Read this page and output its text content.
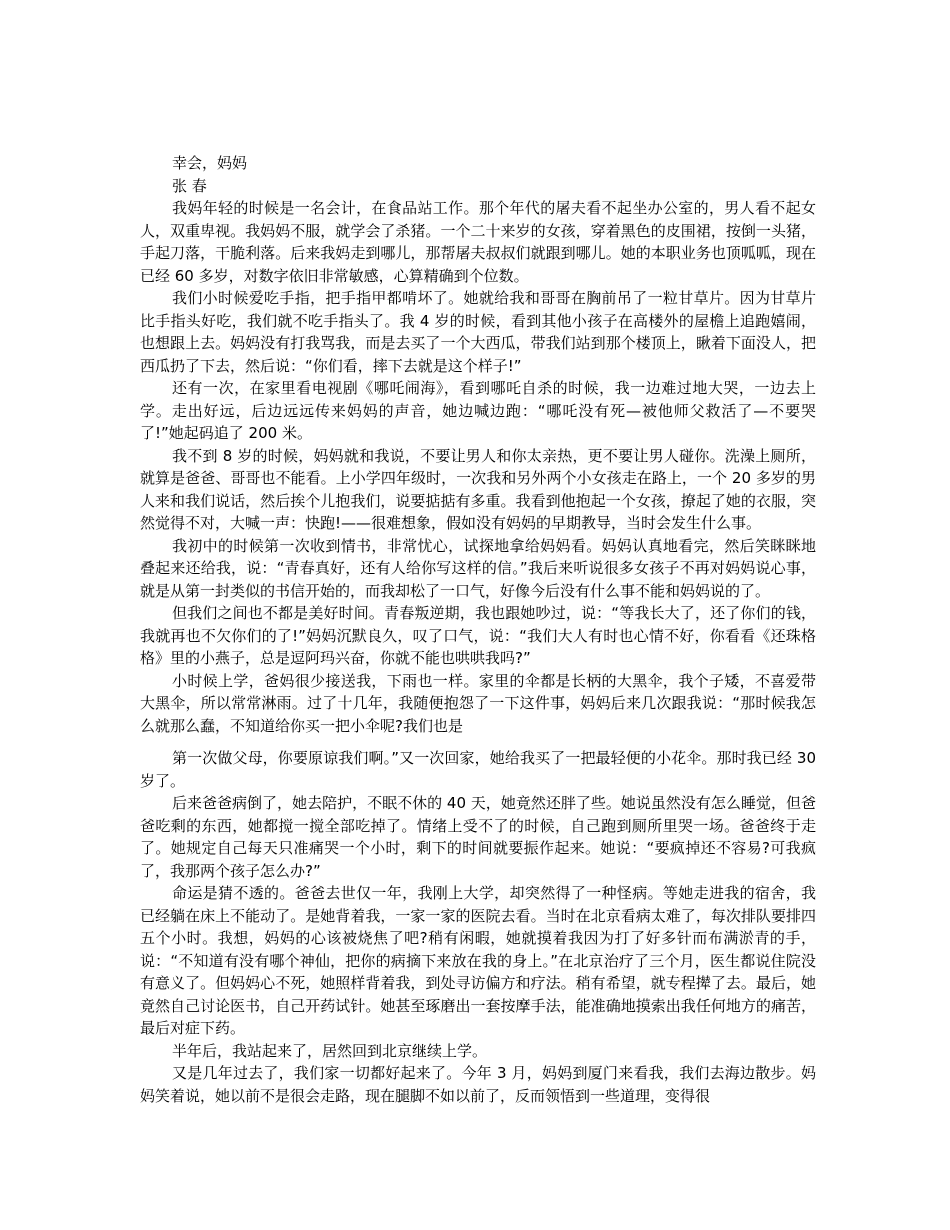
幸会，妈妈

张 春

我妈年轻的时候是一名会计，在食品站工作。那个年代的屠夫看不起坐办公室的，男人看不起女人，双重卑视。我妈妈不服，就学会了杀猪。一个二十来岁的女孩，穿着黑色的皮围裙，按倒一头猪，手起刀落，干脆利落。后来我妈走到哪儿，那帮屠夫叔叔们就跟到哪儿。她的本职业务也顶呱呱，现在已经 60 多岁，对数字依旧非常敏感，心算精确到个位数。

我们小时候爱吃手指，把手指甲都啃坏了。她就给我和哥哥在胸前吊了一粒甘草片。因为甘草片比手指头好吃，我们就不吃手指头了。我 4 岁的时候，看到其他小孩子在高楼外的屋檐上追跑嬉闹，也想跟上去。妈妈没有打我骂我，而是去买了一个大西瓜，带我们站到那个楼顶上，瞅着下面没人，把西瓜扔了下去，然后说：“你们看，摔下去就是这个样子!”

还有一次，在家里看电视剧《哪吒闹海》，看到哪吒自杀的时候，我一边难过地大哭，一边去上学。走出好远，后边远远传来妈妈的声音，她边喊边跑：“哪吒没有死—被他师父救活了—不要哭了!”她起码追了 200 米。

我不到 8 岁的时候，妈妈就和我说，不要让男人和你太亲热，更不要让男人碰你。洗澡上厕所，就算是爸爸、哥哥也不能看。上小学四年级时，一次我和另外两个小女孩走在路上，一个 20 多岁的男人来和我们说话，然后挨个儿抱我们，说要掂掂有多重。我看到他抱起一个女孩，撩起了她的衣服，突然觉得不对，大喊一声：快跑!——很难想象，假如没有妈妈的早期教导，当时会发生什么事。

我初中的时候第一次收到情书，非常忧心，试探地拿给妈妈看。妈妈认真地看完，然后笑眯眯地叠起来还给我，说：“青春真好，还有人给你写这样的信。”我后来听说很多女孩子不再对妈妈说心事，就是从第一封类似的书信开始的，而我却松了一口气，好像今后没有什么事不能和妈妈说的了。

但我们之间也不都是美好时间。青春叛逆期，我也跟她吵过，说：“等我长大了，还了你们的钱，我就再也不欠你们的了!”妈妈沉默良久，叹了口气，说：“我们大人有时也心情不好，你看看《还珠格格》里的小燕子，总是逗阿玛兴奋，你就不能也哄哄我吗?”

小时候上学，爸妈很少接送我，下雨也一样。家里的伞都是长柄的大黑伞，我个子矮，不喜爱带大黑伞，所以常常淋雨。过了十几年，我随便抱怨了一下这件事，妈妈后来几次跟我说：“那时候我怎么就那么蠢，不知道给你买一把小伞呢?我们也是

第一次做父母，你要原谅我们啊。”又一次回家，她给我买了一把最轻便的小花伞。那时我已经 30 岁了。

后来爸爸病倒了，她去陪护，不眠不休的 40 天，她竟然还胖了些。她说虽然没有怎么睡觉，但爸爸吃剩的东西，她都搅一搅全部吃掉了。情绪上受不了的时候，自己跑到厕所里哭一场。爸爸终于走了。她规定自己每天只准痛哭一个小时，剩下的时间就要振作起来。她说：“要疯掉还不容易?可我疯了，我那两个孩子怎么办?”

命运是猜不透的。爸爸去世仅一年，我刚上大学，却突然得了一种怪病。等她走进我的宿舍，我已经躺在床上不能动了。是她背着我，一家一家的医院去看。当时在北京看病太难了，每次排队要排四五个小时。我想，妈妈的心该被烧焦了吧?稍有闲暇，她就摸着我因为打了好多针而布满淤青的手，说：“不知道有没有哪个神仙，把你的病摘下来放在我的身上。”在北京治疗了三个月，医生都说住院没有意义了。但妈妈心不死，她照样背着我，到处寻访偏方和疗法。稍有希望，就专程撵了去。最后，她竟然自己讨论医书，自己开药试针。她甚至琢磨出一套按摩手法，能准确地摸索出我任何地方的痛苦，最后对症下药。

半年后，我站起来了，居然回到北京继续上学。

又是几年过去了，我们家一切都好起来了。今年 3 月，妈妈到厦门来看我，我们去海边散步。妈妈笑着说，她以前不是很会走路，现在腿脚不如以前了，反而领悟到一些道理，变得很
